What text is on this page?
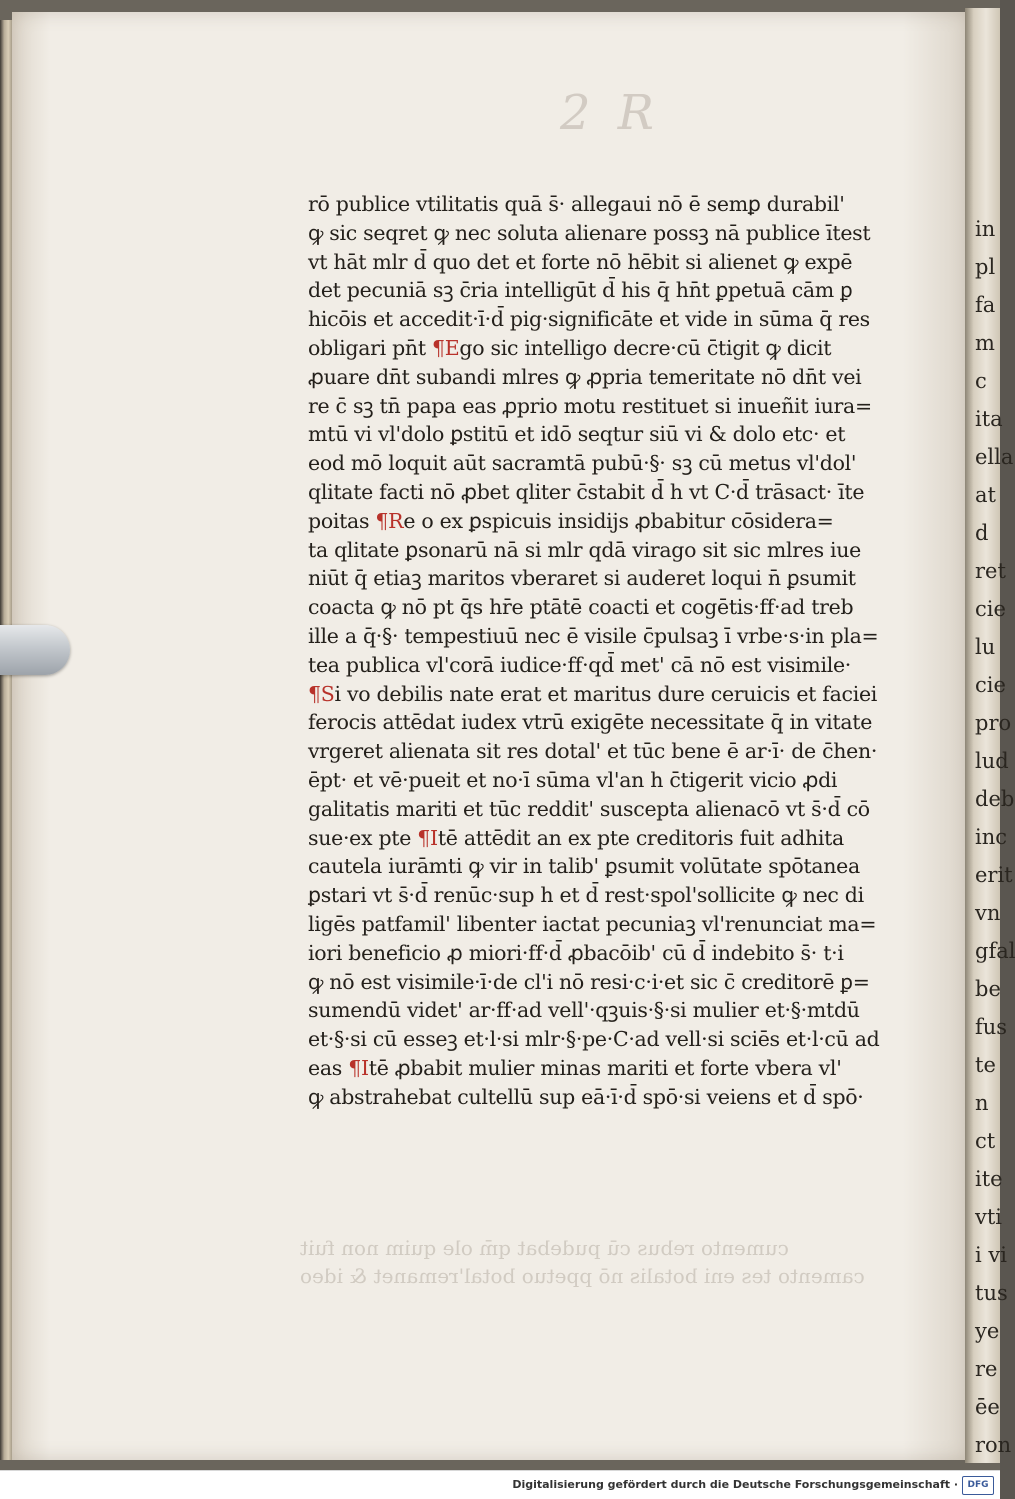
in
pl
fa
m
c
ita
ella
at
d
ret
cie
lu
cie
pro
lud
deb
inc
erit
vn
gfal
be
fus
te
n
ct
ite
vti
i vi
tus
ye
re
ēe
ron
2 R
cumento rebus cū pudebat qm̄ ole quim non fuit
camento tes eni botalis nō ppetuo botal'remanet & ideo
rō publice vtilitatis quā s̄· allegaui nō ē semꝑ durabil'
ꝙ sic seqret ꝙ nec soluta alienare possꝫ nā publice ītest
vt hāt mlr d̄ quo det et forte nō hēbit si alienet ꝙ expē
det pecuniā sꝫ c̄ria intelligūt d̄ his q̄ hn̄t ꝑpetuā cām ꝑ
hicōis et accedit·ī·d̄ pig·significāte et vide in sūma q̄ res
obligari pn̄t ¶Ego sic intelligo decre·cū c̄tigit ꝙ dicit
ꝓuare dn̄t subandi mlres ꝙ ꝓpria temeritate nō dn̄t vei
re c̄ sꝫ tn̄ papa eas ꝓprio motu restituet si inueñit iura=
mtū vi vl'dolo ꝑstitū et idō seqtur siū vi & dolo etc· et
eod mō loquit aūt sacramtā pubū·§· sꝫ cū metus vl'dol'
qlitate facti nō ꝓbet qliter c̄stabit d̄ h vt C·d̄ trāsact· īte
poitas ¶Re o ex ꝑspicuis insidijs ꝓbabitur cōsidera=
ta qlitate ꝑsonarū nā si mlr qdā virago sit sic mlres iue
niūt q̄ etiaꝫ maritos vberaret si auderet loqui n̄ ꝑsumit
coacta ꝙ nō pt q̄s hr̄e ptātē coacti et cogētis·ff·ad treb
ille a q̄·§· tempestiuū nec ē visile c̄pulsaꝫ ī vrbe·s·in pla=
tea publica vl'corā iudice·ff·qd̄ met' cā nō est visimile·
¶Si vo debilis nate erat et maritus dure ceruicis et faciei
ferocis attēdat iudex vtrū exigēte necessitate q̄ in vitate
vrgeret alienata sit res dotal' et tūc bene ē ar·ī· de c̄hen·
ēpt· et vē·pueit et no·ī sūma vl'an h c̄tigerit vicio ꝓdi
galitatis mariti et tūc reddit' suscepta alienacō vt s̄·d̄ cō
sue·ex pte ¶Itē attēdit an ex pte creditoris fuit adhita
cautela iurāmti ꝙ vir in talib' ꝑsumit volūtate spōtanea
ꝑstari vt s̄·d̄ renūc·sup h et d̄ rest·spol'sollicite ꝙ nec di
ligēs patfamil' libenter iactat pecuniaꝫ vl'renunciat ma=
iori beneficio ꝓ miori·ff·d̄ ꝓbacōib' cū d̄ indebito s̄· t·i
ꝙ nō est visimile·ī·de cl'i nō resi·c·i·et sic c̄ creditorē ꝑ=
sumendū videt' ar·ff·ad vell'·qꝫuis·§·si mulier et·§·mtdū
et·§·si cū esseꝫ et·l·si mlr·§·pe·C·ad vell·si sciēs et·l·cū ad
eas ¶Itē ꝓbabit mulier minas mariti et forte vbera vl'
ꝙ abstrahebat cultellū sup eā·ī·d̄ spō·si veiens et d̄ spō·
Digitalisierung gefördert durch die Deutsche Forschungsgemeinschaft ·	DFG
